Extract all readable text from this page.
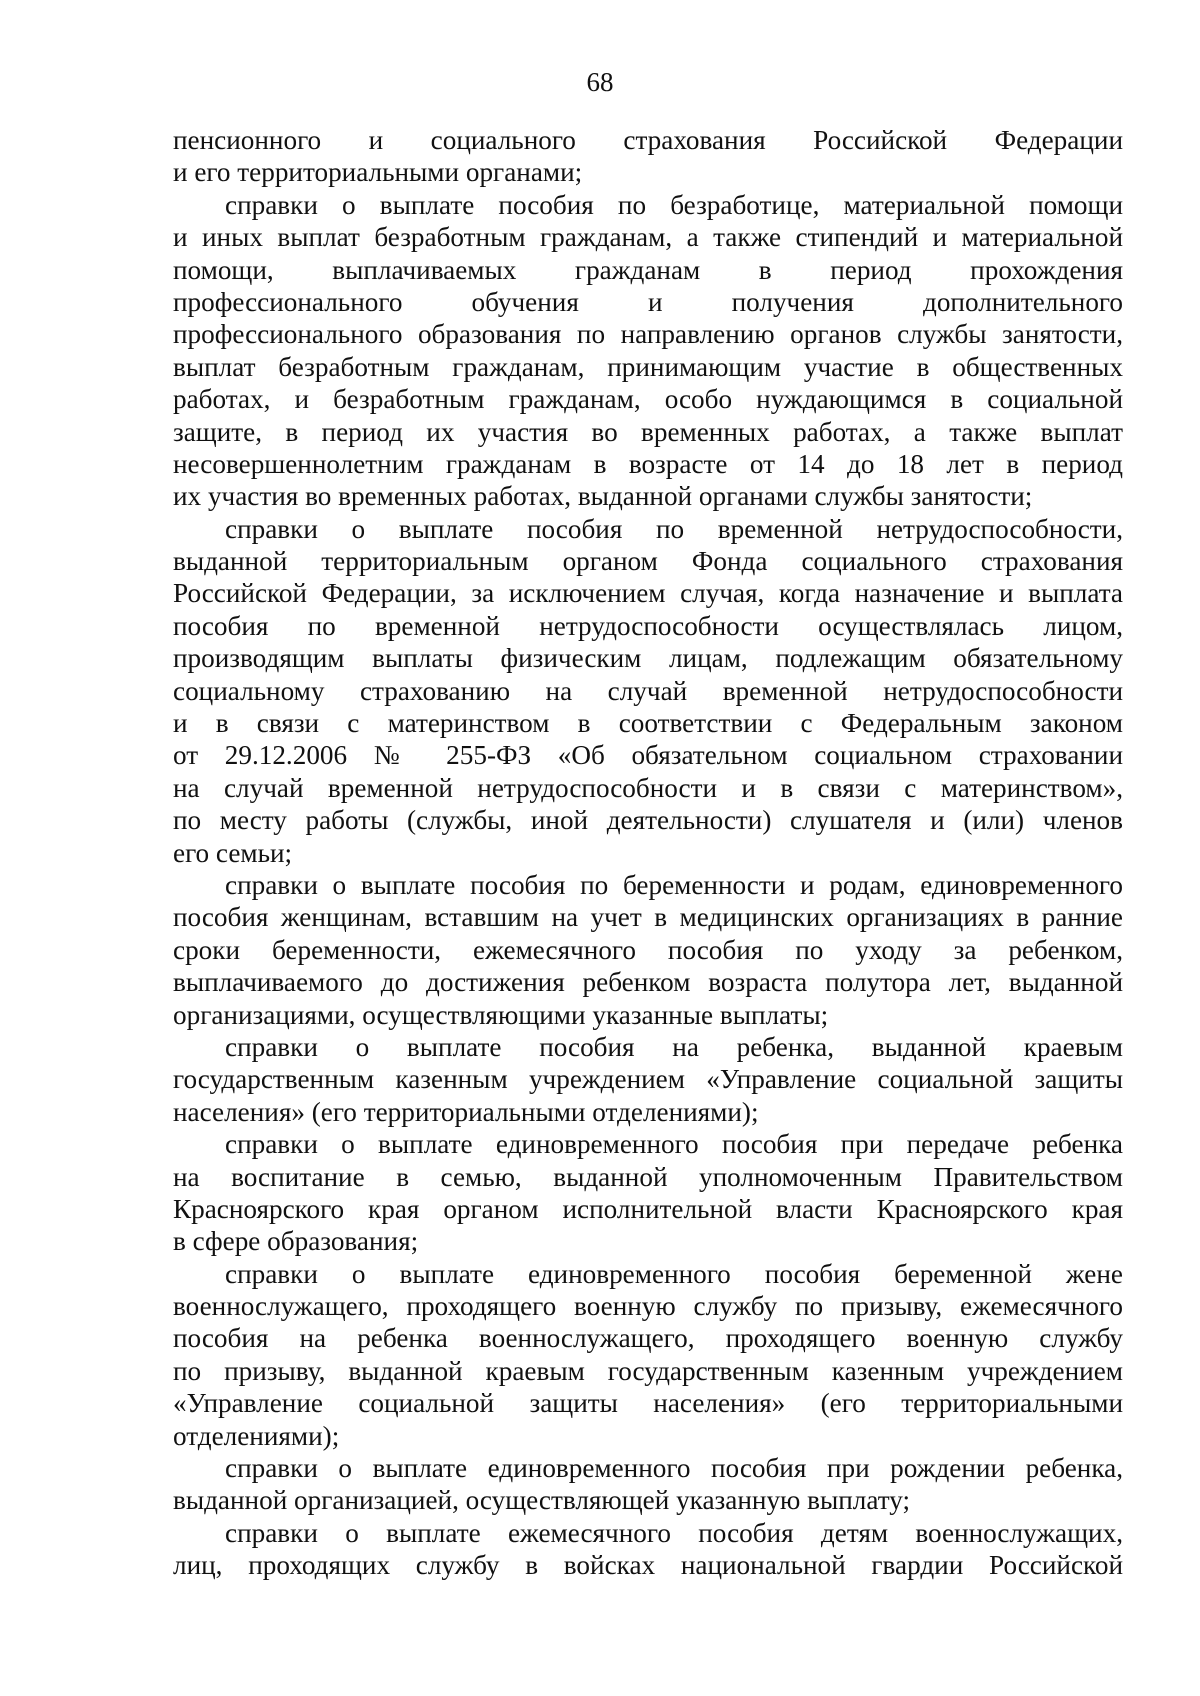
68
пенсионного и социального страхования Российской Федерации
и его территориальными органами;
справки о выплате пособия по безработице, материальной помощи
и иных выплат безработным гражданам, а также стипендий и материальной
помощи, выплачиваемых гражданам в период прохождения
профессионального обучения и получения дополнительного
профессионального образования по направлению органов службы занятости,
выплат безработным гражданам, принимающим участие в общественных
работах, и безработным гражданам, особо нуждающимся в социальной
защите, в период их участия во временных работах, а также выплат
несовершеннолетним гражданам в возрасте от 14 до 18 лет в период
их участия во временных работах, выданной органами службы занятости;
справки о выплате пособия по временной нетрудоспособности,
выданной территориальным органом Фонда социального страхования
Российской Федерации, за исключением случая, когда назначение и выплата
пособия по временной нетрудоспособности осуществлялась лицом,
производящим выплаты физическим лицам, подлежащим обязательному
социальному страхованию на случай временной нетрудоспособности
и в связи с материнством в соответствии с Федеральным законом
от 29.12.2006 № 255-ФЗ «Об обязательном социальном страховании
на случай временной нетрудоспособности и в связи с материнством»,
по месту работы (службы, иной деятельности) слушателя и (или) членов
его семьи;
справки о выплате пособия по беременности и родам, единовременного
пособия женщинам, вставшим на учет в медицинских организациях в ранние
сроки беременности, ежемесячного пособия по уходу за ребенком,
выплачиваемого до достижения ребенком возраста полутора лет, выданной
организациями, осуществляющими указанные выплаты;
справки о выплате пособия на ребенка, выданной краевым
государственным казенным учреждением «Управление социальной защиты
населения» (его территориальными отделениями);
справки о выплате единовременного пособия при передаче ребенка
на воспитание в семью, выданной уполномоченным Правительством
Красноярского края органом исполнительной власти Красноярского края
в сфере образования;
справки о выплате единовременного пособия беременной жене
военнослужащего, проходящего военную службу по призыву, ежемесячного
пособия на ребенка военнослужащего, проходящего военную службу
по призыву, выданной краевым государственным казенным учреждением
«Управление социальной защиты населения» (его территориальными
отделениями);
справки о выплате единовременного пособия при рождении ребенка,
выданной организацией, осуществляющей указанную выплату;
справки о выплате ежемесячного пособия детям военнослужащих,
лиц, проходящих службу в войсках национальной гвардии Российской
